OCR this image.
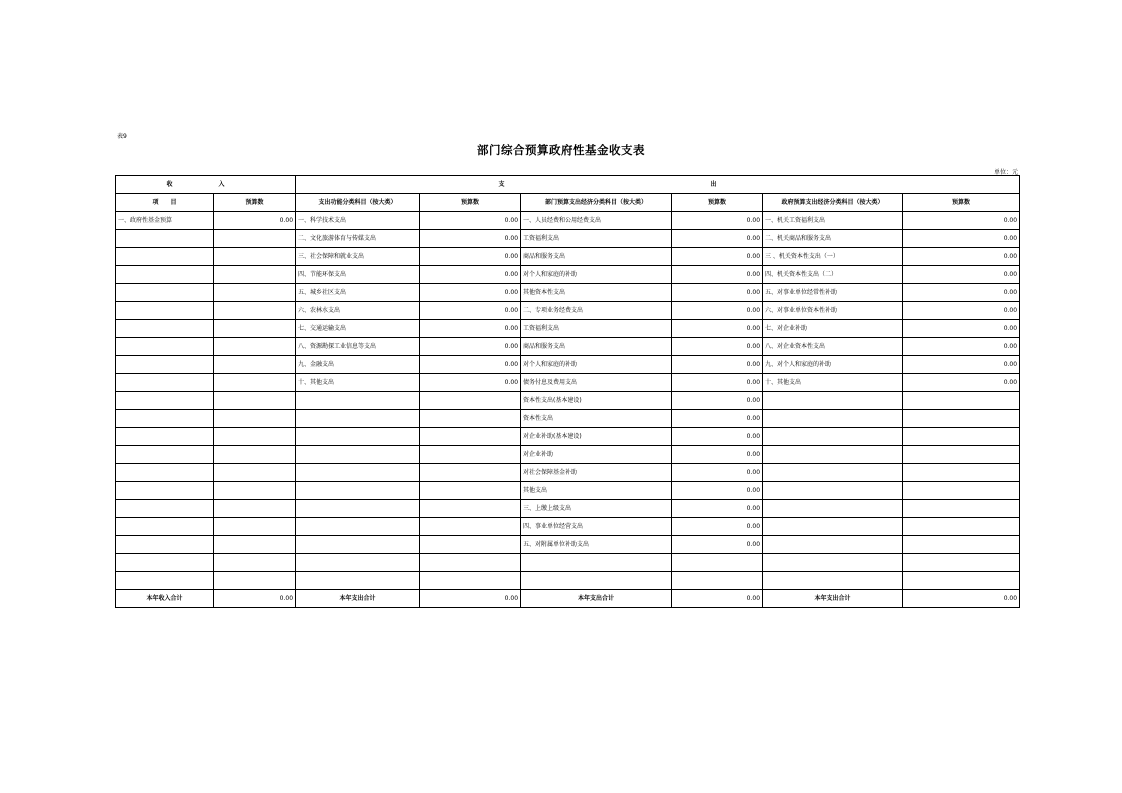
表9
部门综合预算政府性基金收支表
单位：元
收　入		支　出					
项　　目	预算数	支出功能分类科目（按大类）	预算数	部门预算支出经济分类科目（按大类）	预算数	政府预算支出经济分类科目（按大类）	预算数
一、政府性基金预算	0.00	一、科学技术支出	0.00	一、人员经费和公用经费支出	0.00	一、机关工资福利支出	0.00
		二、文化旅游体育与传媒支出	0.00	工资福利支出	0.00	二、机关商品和服务支出	0.00
		三、社会保障和就业支出	0.00	商品和服务支出	0.00	三 、机关资本性支出（一）	0.00
		四、节能环保支出	0.00	对个人和家庭的补助	0.00	四、机关资本性支出（二）	0.00
		五、城乡社区支出	0.00	其他资本性支出	0.00	五、对事业单位经常性补助	0.00
		六、农林水支出	0.00	二、专项业务经费支出	0.00	六、对事业单位资本性补助	0.00
		七、交通运输支出	0.00	工资福利支出	0.00	七、对企业补助	0.00
		八、资源勘探工业信息等支出	0.00	商品和服务支出	0.00	八、对企业资本性支出	0.00
		九、金融支出	0.00	对个人和家庭的补助	0.00	九、对个人和家庭的补助	0.00
		十、其他支出	0.00	债务付息及费用支出	0.00	十、其他支出	0.00
				资本性支出(基本建设)	0.00		
				资本性支出	0.00		
				对企业补助(基本建设)	0.00		
				对企业补助	0.00		
				对社会保障基金补助	0.00		
				其他支出	0.00		
				三、上缴上级支出	0.00		
				四、事业单位经营支出	0.00		
				五、对附属单位补助支出	0.00		

本年收入合计	0.00	本年支出合计	0.00	本年支出合计	0.00	本年支出合计	0.00
